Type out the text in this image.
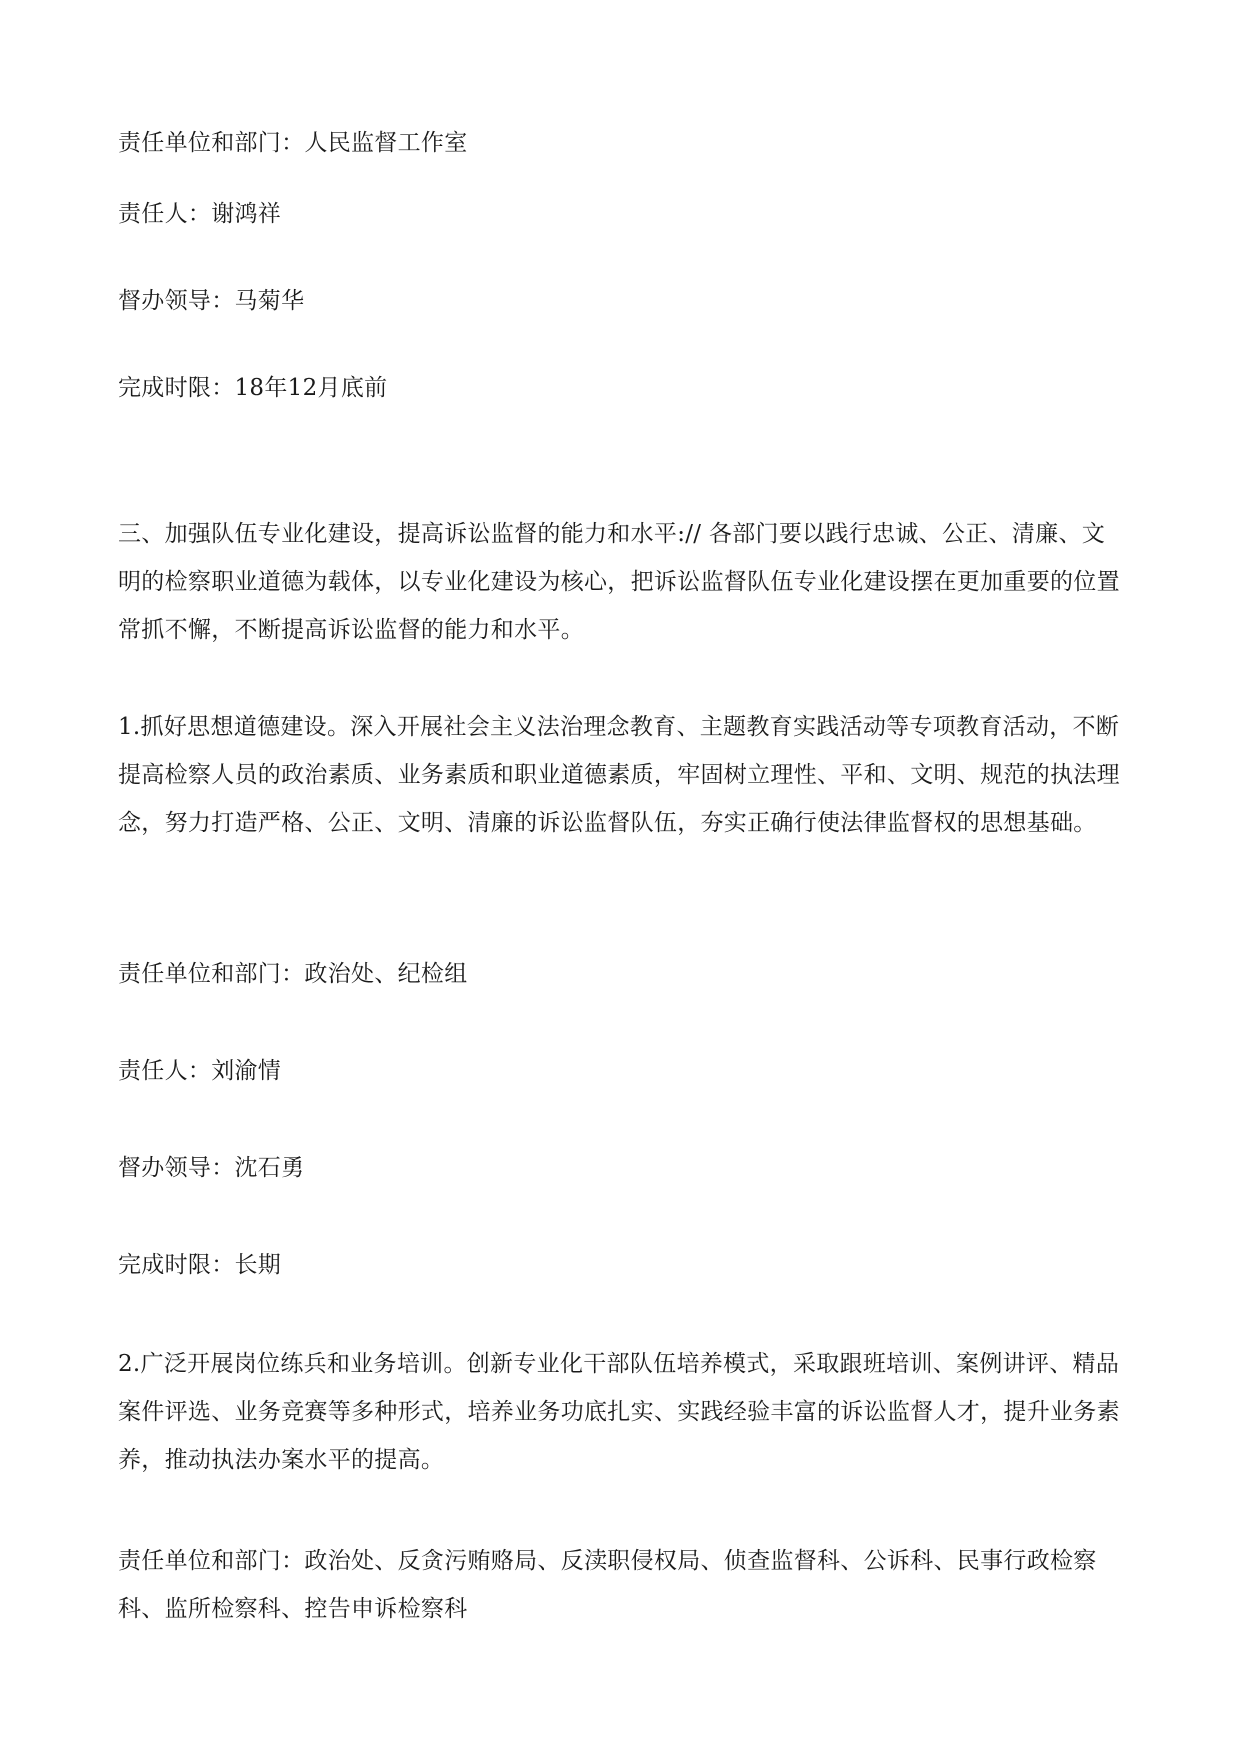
责任单位和部门：人民监督工作室

责任人：谢鸿祥

督办领导：马菊华

完成时限：18年12月底前

三、加强队伍专业化建设，提高诉讼监督的能力和水平:// 各部门要以践行忠诚、公正、清廉、文明的检察职业道德为载体，以专业化建设为核心，把诉讼监督队伍专业化建设摆在更加重要的位置常抓不懈，不断提高诉讼监督的能力和水平。

1.抓好思想道德建设。深入开展社会主义法治理念教育、主题教育实践活动等专项教育活动，不断提高检察人员的政治素质、业务素质和职业道德素质，牢固树立理性、平和、文明、规范的执法理念，努力打造严格、公正、文明、清廉的诉讼监督队伍，夯实正确行使法律监督权的思想基础。

责任单位和部门：政治处、纪检组

责任人：刘渝情

督办领导：沈石勇

完成时限：长期

2.广泛开展岗位练兵和业务培训。创新专业化干部队伍培养模式，采取跟班培训、案例讲评、精品案件评选、业务竞赛等多种形式，培养业务功底扎实、实践经验丰富的诉讼监督人才，提升业务素养，推动执法办案水平的提高。

责任单位和部门：政治处、反贪污贿赂局、反渎职侵权局、侦查监督科、公诉科、民事行政检察科、监所检察科、控告申诉检察科
